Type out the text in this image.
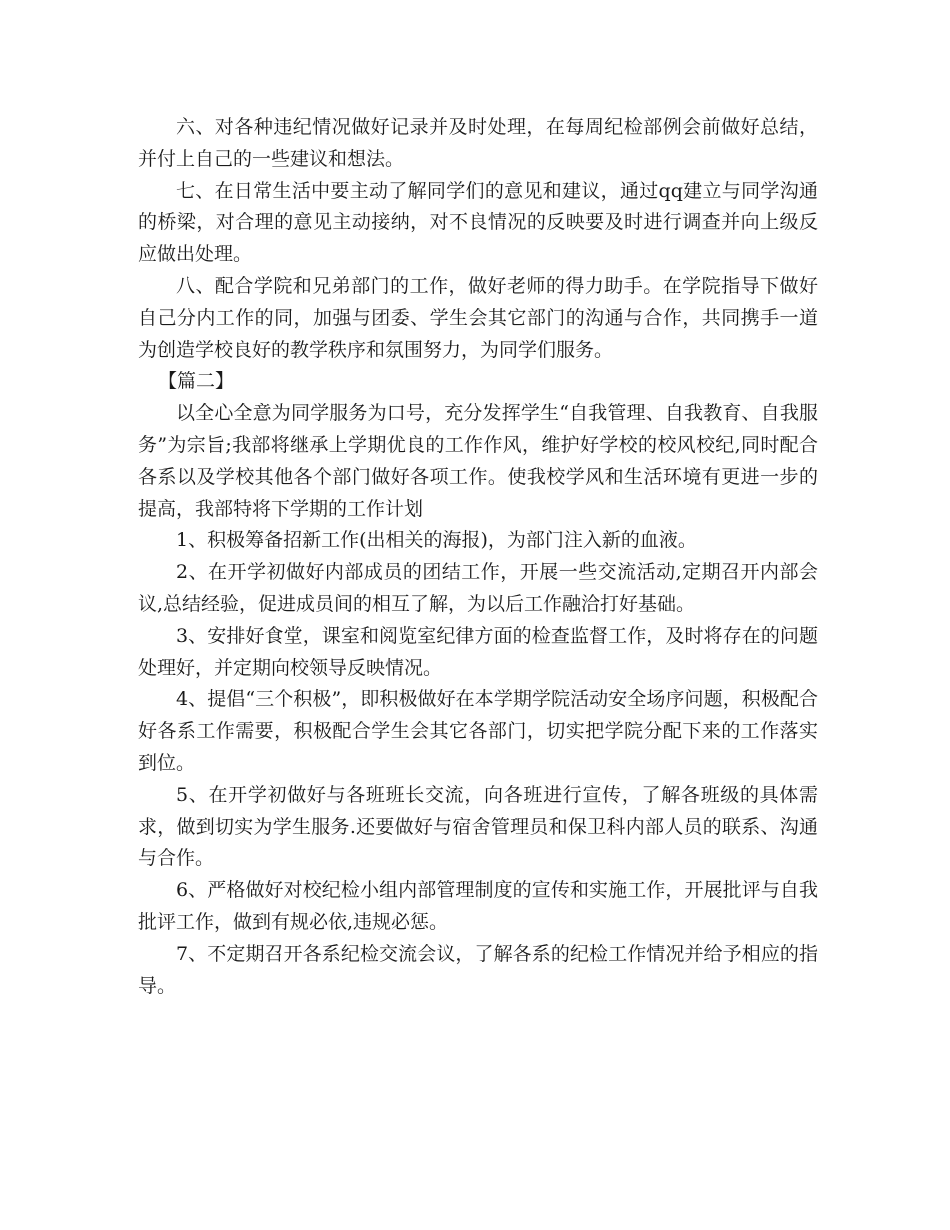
六、对各种违纪情况做好记录并及时处理，在每周纪检部例会前做好总结，并付上自己的一些建议和想法。

七、在日常生活中要主动了解同学们的意见和建议，通过qq建立与同学沟通的桥梁，对合理的意见主动接纳，对不良情况的反映要及时进行调查并向上级反应做出处理。

八、配合学院和兄弟部门的工作，做好老师的得力助手。在学院指导下做好自己分内工作的同，加强与团委、学生会其它部门的沟通与合作，共同携手一道为创造学校良好的教学秩序和氛围努力，为同学们服务。

【篇二】

以全心全意为同学服务为口号，充分发挥学生“自我管理、自我教育、自我服务”为宗旨;我部将继承上学期优良的工作作风，维护好学校的校风校纪,同时配合各系以及学校其他各个部门做好各项工作。使我校学风和生活环境有更进一步的提高，我部特将下学期的工作计划

1、积极筹备招新工作(出相关的海报)，为部门注入新的血液。

2、在开学初做好内部成员的团结工作，开展一些交流活动,定期召开内部会议,总结经验，促进成员间的相互了解，为以后工作融洽打好基础。

3、安排好食堂，课室和阅览室纪律方面的检查监督工作，及时将存在的问题处理好，并定期向校领导反映情况。

4、提倡“三个积极”，即积极做好在本学期学院活动安全场序问题，积极配合好各系工作需要，积极配合学生会其它各部门，切实把学院分配下来的工作落实到位。

5、在开学初做好与各班班长交流，向各班进行宣传，了解各班级的具体需求，做到切实为学生服务.还要做好与宿舍管理员和保卫科内部人员的联系、沟通与合作。

6、严格做好对校纪检小组内部管理制度的宣传和实施工作，开展批评与自我批评工作，做到有规必依,违规必惩。

7、不定期召开各系纪检交流会议，了解各系的纪检工作情况并给予相应的指导。
